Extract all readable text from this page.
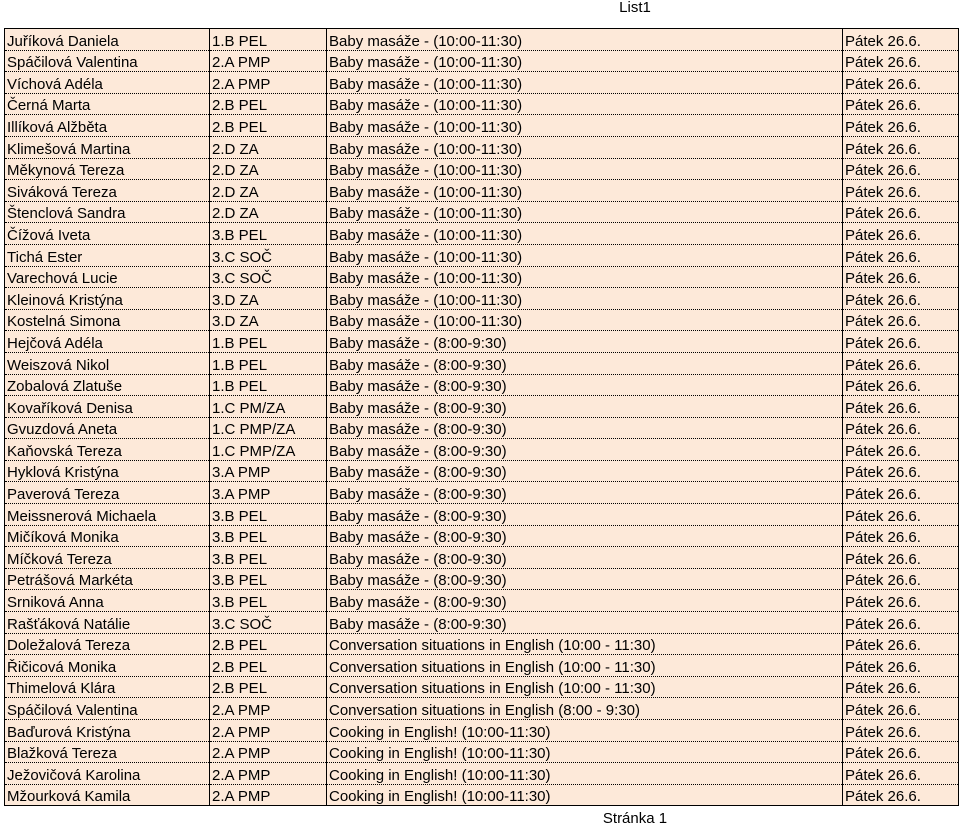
List1
Juříková Daniela	1.B PEL	Baby masáže - (10:00-11:30)	Pátek 26.6.
Spáčilová Valentina	2.A PMP	Baby masáže - (10:00-11:30)	Pátek 26.6.
Víchová Adéla	2.A PMP	Baby masáže - (10:00-11:30)	Pátek 26.6.
Černá Marta	2.B PEL	Baby masáže - (10:00-11:30)	Pátek 26.6.
Illíková Alžběta	2.B PEL	Baby masáže - (10:00-11:30)	Pátek 26.6.
Klimešová Martina	2.D ZA	Baby masáže - (10:00-11:30)	Pátek 26.6.
Měkynová Tereza	2.D ZA	Baby masáže - (10:00-11:30)	Pátek 26.6.
Siváková Tereza	2.D ZA	Baby masáže - (10:00-11:30)	Pátek 26.6.
Štenclová Sandra	2.D ZA	Baby masáže - (10:00-11:30)	Pátek 26.6.
Čížová Iveta	3.B PEL	Baby masáže - (10:00-11:30)	Pátek 26.6.
Tichá Ester	3.C SOČ	Baby masáže - (10:00-11:30)	Pátek 26.6.
Varechová Lucie	3.C SOČ	Baby masáže - (10:00-11:30)	Pátek 26.6.
Kleinová Kristýna	3.D ZA	Baby masáže - (10:00-11:30)	Pátek 26.6.
Kostelná Simona	3.D ZA	Baby masáže - (10:00-11:30)	Pátek 26.6.
Hejčová Adéla	1.B PEL	Baby masáže - (8:00-9:30)	Pátek 26.6.
Weiszová Nikol	1.B PEL	Baby masáže - (8:00-9:30)	Pátek 26.6.
Zobalová Zlatuše	1.B PEL	Baby masáže - (8:00-9:30)	Pátek 26.6.
Kovaříková Denisa	1.C PM/ZA	Baby masáže - (8:00-9:30)	Pátek 26.6.
Gvuzdová Aneta	1.C PMP/ZA	Baby masáže - (8:00-9:30)	Pátek 26.6.
Kaňovská Tereza	1.C PMP/ZA	Baby masáže - (8:00-9:30)	Pátek 26.6.
Hyklová Kristýna	3.A PMP	Baby masáže - (8:00-9:30)	Pátek 26.6.
Paverová Tereza	3.A PMP	Baby masáže - (8:00-9:30)	Pátek 26.6.
Meissnerová Michaela	3.B PEL	Baby masáže - (8:00-9:30)	Pátek 26.6.
Mičíková Monika	3.B PEL	Baby masáže - (8:00-9:30)	Pátek 26.6.
Míčková Tereza	3.B PEL	Baby masáže - (8:00-9:30)	Pátek 26.6.
Petrášová Markéta	3.B PEL	Baby masáže - (8:00-9:30)	Pátek 26.6.
Srniková Anna	3.B PEL	Baby masáže - (8:00-9:30)	Pátek 26.6.
Rašťáková Natálie	3.C SOČ	Baby masáže - (8:00-9:30)	Pátek 26.6.
Doležalová Tereza	2.B PEL	Conversation situations in English (10:00 - 11:30)	Pátek 26.6.
Řičicová Monika	2.B PEL	Conversation situations in English (10:00 - 11:30)	Pátek 26.6.
Thimelová Klára	2.B PEL	Conversation situations in English (10:00 - 11:30)	Pátek 26.6.
Spáčilová Valentina	2.A PMP	Conversation situations in English (8:00 - 9:30)	Pátek 26.6.
Baďurová Kristýna	2.A PMP	Cooking in English! (10:00-11:30)	Pátek 26.6.
Blažková Tereza	2.A PMP	Cooking in English! (10:00-11:30)	Pátek 26.6.
Ježovičová Karolina	2.A PMP	Cooking in English! (10:00-11:30)	Pátek 26.6.
Mžourková Kamila	2.A PMP	Cooking in English! (10:00-11:30)	Pátek 26.6.
Stránka 1
